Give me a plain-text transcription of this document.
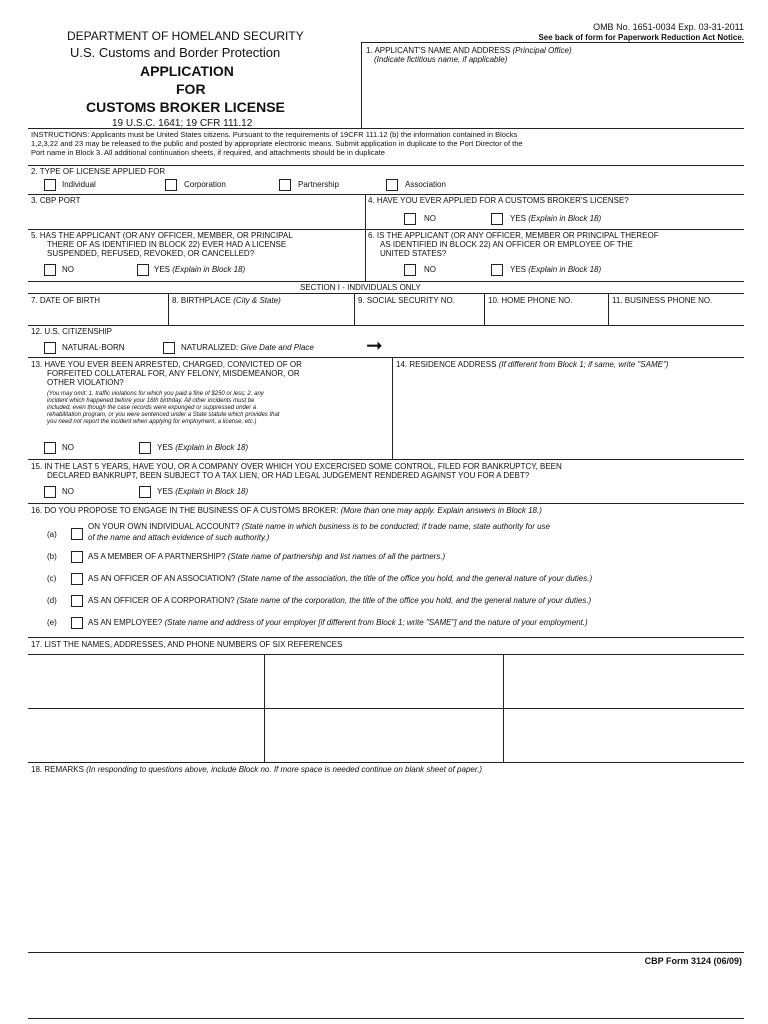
DEPARTMENT OF HOMELAND SECURITY
U.S. Customs and Border Protection
APPLICATION
FOR
CUSTOMS BROKER LICENSE
19 U.S.C. 1641; 19 CFR 111.12
OMB No. 1651-0034 Exp. 03-31-2011
See back of form for Paperwork Reduction Act Notice.
1. APPLICANT'S NAME AND ADDRESS (Principal Office)
(Indicate fictitious name, if applicable)
INSTRUCTIONS: Applicants must be United States citizens. Pursuant to the requirements of 19CFR 111.12 (b) the information contained in Blocks
1,2,3,22 and 23 may be released to the public and posted by appropriate electronic means. Submit application in duplicate to the Port Director of the
Port name in Block 3. All additional continuation sheets, if required, and attachments should be in duplicate
2. TYPE OF LICENSE APPLIED FOR
Individual	Corporation	Partnership	Association
3. CBP PORT	4. HAVE YOU EVER APPLIED FOR A CUSTOMS BROKER'S LICENSE?
NO	YES (Explain in Block 18)
5. HAS THE APPLICANT (OR ANY OFFICER, MEMBER, OR PRINCIPAL
THERE OF AS IDENTIFIED IN BLOCK 22) EVER HAD A LICENSE
SUSPENDED, REFUSED, REVOKED, OR CANCELLED?
NO	YES (Explain in Block 18)
6. IS THE APPLICANT (OR ANY OFFICER, MEMBER OR PRINCIPAL THEREOF
AS IDENTIFIED IN BLOCK 22) AN OFFICER OR EMPLOYEE OF THE
UNITED STATES?
NO	YES (Explain in Block 18)
SECTION I - INDIVIDUALS ONLY
7. DATE OF BIRTH	8. BIRTHPLACE (City & State)	9. SOCIAL SECURITY NO.	10. HOME PHONE NO.	11. BUSINESS PHONE NO.
12. U.S. CITIZENSHIP
NATURAL-BORN	NATURALIZED: Give Date and Place	➞
13. HAVE YOU EVER BEEN ARRESTED, CHARGED, CONVICTED OF OR
FORFEITED COLLATERAL FOR, ANY FELONY, MISDEMEANOR, OR
OTHER VIOLATION?
(You may omit: 1. traffic violations for which you paid a fine of $250 or less; 2. any
incident which happened before your 16th birthday. All other incidents must be
included, even though the case records were expunged or suppressed under a
rehabilitation program, or you were sentenced under a State statute which provides that
you need not report the incident when applying for employment, a license, etc.)
NO	YES (Explain in Block 18)
14. RESIDENCE ADDRESS (If different from Block 1; if same, write "SAME")
15. IN THE LAST 5 YEARS, HAVE YOU, OR A COMPANY OVER WHICH YOU EXCERCISED SOME CONTROL, FILED FOR BANKRUPTCY, BEEN
DECLARED BANKRUPT, BEEN SUBJECT TO A TAX LIEN, OR HAD LEGAL JUDGEMENT RENDERED AGAINST YOU FOR A DEBT?
NO	YES (Explain in Block 18)
16. DO YOU PROPOSE TO ENGAGE IN THE BUSINESS OF A CUSTOMS BROKER: (More than one may apply. Explain answers in Block 18.)
(a)
ON YOUR OWN INDIVIDUAL ACCOUNT? (State name in which business is to be conducted; if trade name, state authority for use
of the name and attach evidence of such authority.)
(b)	AS A MEMBER OF A PARTNERSHIP? (State name of partnership and list names of all the partners.)
(c)	AS AN OFFICER OF AN ASSOCIATION? (State name of the association, the title of the office you hold, and the general nature of your duties.)
(d)	AS AN OFFICER OF A CORPORATION? (State name of the corporation, the title of the office you hold, and the general nature of your duties.)
(e)	AS AN EMPLOYEE? (State name and address of your employer [if different from Block 1; write "SAME"] and the nature of your employment.)
17. LIST THE NAMES, ADDRESSES, AND PHONE NUMBERS OF SIX REFERENCES
18. REMARKS (In responding to questions above, include Block no. If more space is needed continue on blank sheet of paper.)
CBP Form 3124 (06/09)
